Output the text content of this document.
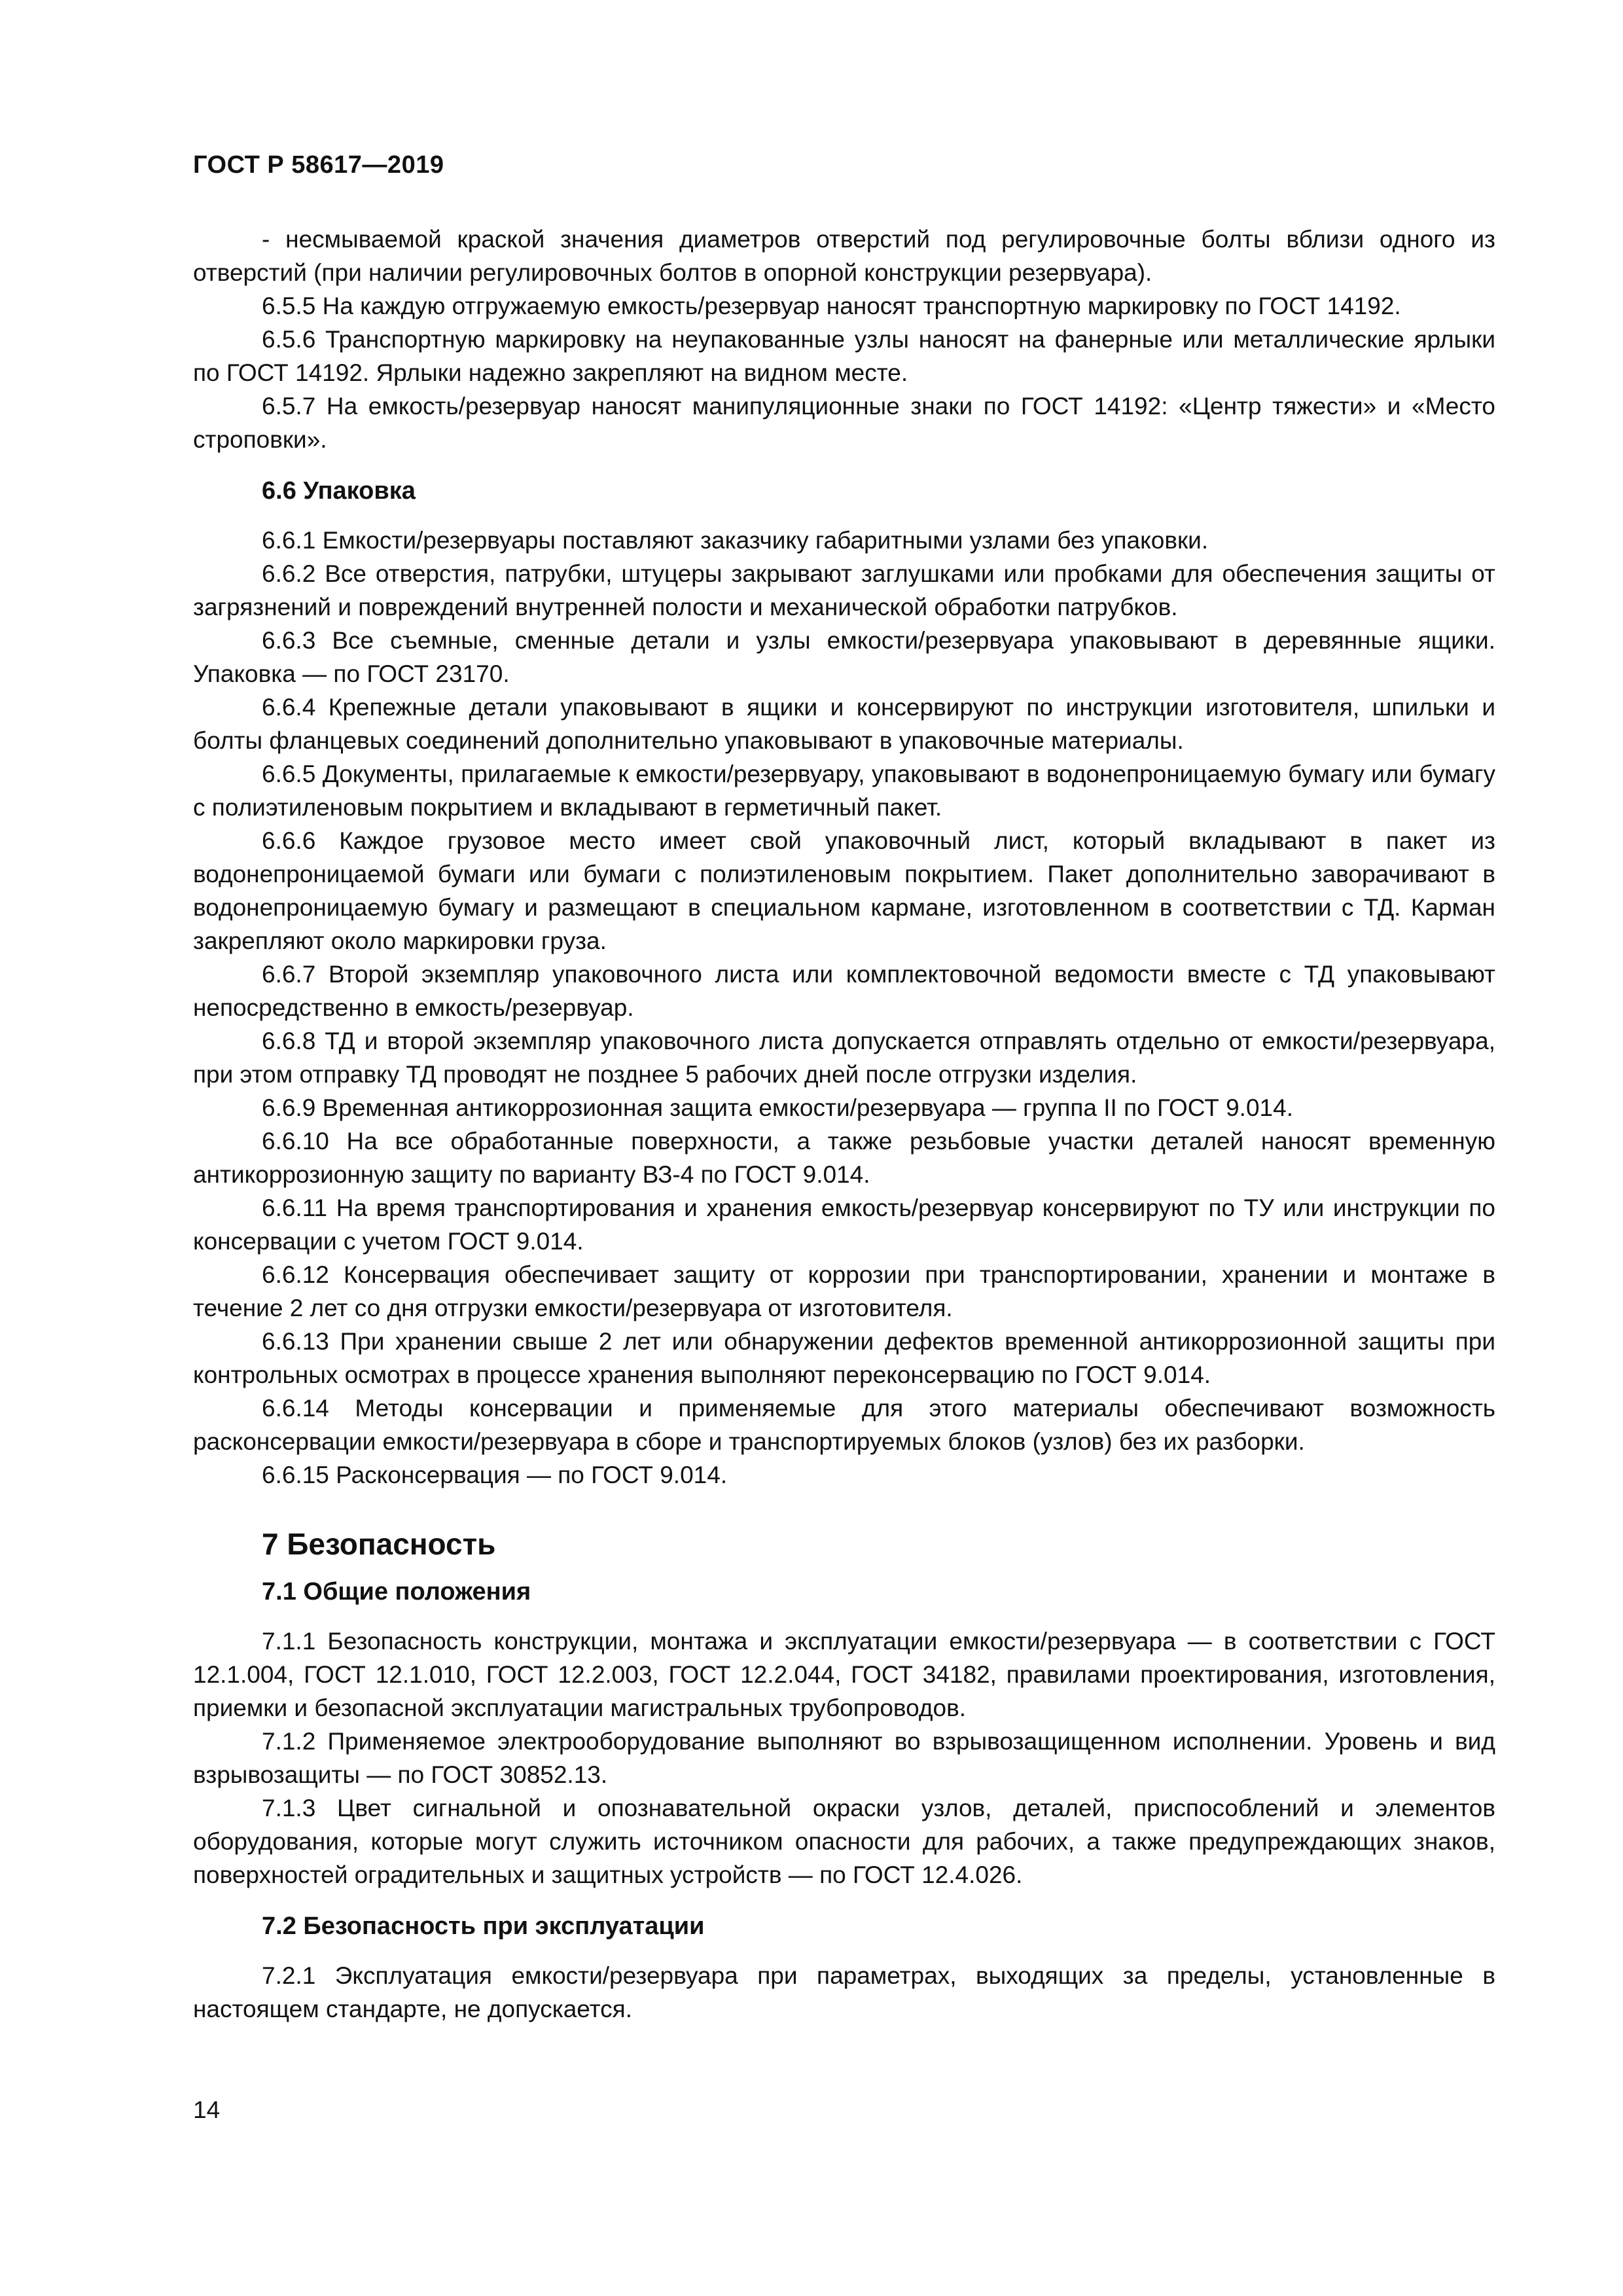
ГОСТ Р 58617—2019

- несмываемой краской значения диаметров отверстий под регулировочные болты вблизи одного из отверстий (при наличии регулировочных болтов в опорной конструкции резервуара).

6.5.5 На каждую отгружаемую емкость/резервуар наносят транспортную маркировку по ГОСТ 14192.

6.5.6 Транспортную маркировку на неупакованные узлы наносят на фанерные или металлические ярлыки по ГОСТ 14192. Ярлыки надежно закрепляют на видном месте.

6.5.7 На емкость/резервуар наносят манипуляционные знаки по ГОСТ 14192: «Центр тяжести» и «Место строповки».

6.6 Упаковка

6.6.1 Емкости/резервуары поставляют заказчику габаритными узлами без упаковки.

6.6.2 Все отверстия, патрубки, штуцеры закрывают заглушками или пробками для обеспечения защиты от загрязнений и повреждений внутренней полости и механической обработки патрубков.

6.6.3 Все съемные, сменные детали и узлы емкости/резервуара упаковывают в деревянные ящики. Упаковка — по ГОСТ 23170.

6.6.4 Крепежные детали упаковывают в ящики и консервируют по инструкции изготовителя, шпильки и болты фланцевых соединений дополнительно упаковывают в упаковочные материалы.

6.6.5 Документы, прилагаемые к емкости/резервуару, упаковывают в водонепроницаемую бумагу или бумагу с полиэтиленовым покрытием и вкладывают в герметичный пакет.

6.6.6 Каждое грузовое место имеет свой упаковочный лист, который вкладывают в пакет из водонепроницаемой бумаги или бумаги с полиэтиленовым покрытием. Пакет дополнительно заворачивают в водонепроницаемую бумагу и размещают в специальном кармане, изготовленном в соответствии с ТД. Карман закрепляют около маркировки груза.

6.6.7 Второй экземпляр упаковочного листа или комплектовочной ведомости вместе с ТД упаковывают непосредственно в емкость/резервуар.

6.6.8 ТД и второй экземпляр упаковочного листа допускается отправлять отдельно от емкости/резервуара, при этом отправку ТД проводят не позднее 5 рабочих дней после отгрузки изделия.

6.6.9 Временная антикоррозионная защита емкости/резервуара — группа II по ГОСТ 9.014.

6.6.10 На все обработанные поверхности, а также резьбовые участки деталей наносят временную антикоррозионную защиту по варианту ВЗ-4 по ГОСТ 9.014.

6.6.11 На время транспортирования и хранения емкость/резервуар консервируют по ТУ или инструкции по консервации с учетом ГОСТ 9.014.

6.6.12 Консервация обеспечивает защиту от коррозии при транспортировании, хранении и монтаже в течение 2 лет со дня отгрузки емкости/резервуара от изготовителя.

6.6.13 При хранении свыше 2 лет или обнаружении дефектов временной антикоррозионной защиты при контрольных осмотрах в процессе хранения выполняют переконсервацию по ГОСТ 9.014.

6.6.14 Методы консервации и применяемые для этого материалы обеспечивают возможность расконсервации емкости/резервуара в сборе и транспортируемых блоков (узлов) без их разборки.

6.6.15 Расконсервация — по ГОСТ 9.014.

7 Безопасность
7.1 Общие положения

7.1.1 Безопасность конструкции, монтажа и эксплуатации емкости/резервуара — в соответствии с ГОСТ 12.1.004, ГОСТ 12.1.010, ГОСТ 12.2.003, ГОСТ 12.2.044, ГОСТ 34182, правилами проектирования, изготовления, приемки и безопасной эксплуатации магистральных трубопроводов.

7.1.2 Применяемое электрооборудование выполняют во взрывозащищенном исполнении. Уровень и вид взрывозащиты — по ГОСТ 30852.13.

7.1.3 Цвет сигнальной и опознавательной окраски узлов, деталей, приспособлений и элементов оборудования, которые могут служить источником опасности для рабочих, а также предупреждающих знаков, поверхностей оградительных и защитных устройств — по ГОСТ 12.4.026.

7.2 Безопасность при эксплуатации

7.2.1 Эксплуатация емкости/резервуара при параметрах, выходящих за пределы, установленные в настоящем стандарте, не допускается.

14
